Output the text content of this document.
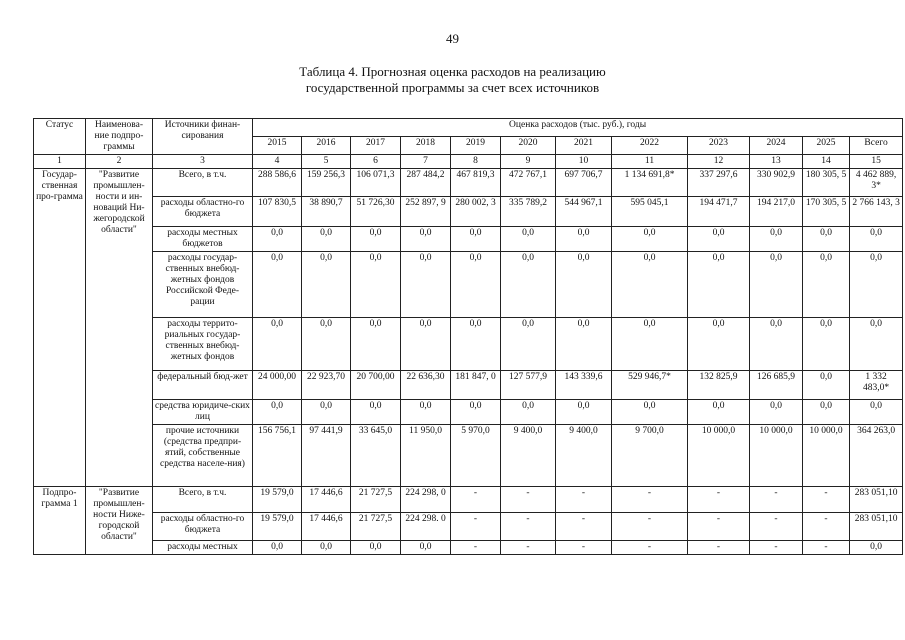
49
Таблица 4. Прогнозная оценка расходов на реализацию
государственной программы за счет всех источников
Статус	Наименова-ние подпро-граммы	Источники финан-сирования	Оценка расходов (тыс. руб.), годы											
			2015	2016	2017	2018	2019	2020	2021	2022	2023	2024	2025	Всего
1	2	3	4	5	6	7	8	9	10	11	12	13	14	15
Государ-ственная про-грамма	"Развитие промышлен-ности и ин-новаций Ни-жегородской области"	Всего, в т.ч.	288 586,6	159 256,3	106 071,3	287 484,2	467 819,3	472 767,1	697 706,7	1 134 691,8*	337 297,6	330 902,9	180 305, 5	4 462 889, 3*
		расходы областно-го бюджета	107 830,5	38 890,7	51 726,30	252 897, 9	280 002, 3	335 789,2	544 967,1	595 045,1	194 471,7	194 217,0	170 305, 5	2 766 143, 3
		расходы местных бюджетов	0,0	0,0	0,0	0,0	0,0	0,0	0,0	0,0	0,0	0,0	0,0	0,0
		расходы государ-ственных внебюд-жетных фондов Российской Феде-рации	0,0	0,0	0,0	0,0	0,0	0,0	0,0	0,0	0,0	0,0	0,0	0,0
		расходы террито-риальных государ-ственных внебюд-жетных фондов	0,0	0,0	0,0	0,0	0,0	0,0	0,0	0,0	0,0	0,0	0,0	0,0
		федеральный бюд-жет	24 000,00	22 923,70	20 700,00	22 636,30	181 847, 0	127 577,9	143 339,6	529 946,7*	132 825,9	126 685,9	0,0	1 332 483,0*
		средства юридиче-ских лиц	0,0	0,0	0,0	0,0	0,0	0,0	0,0	0,0	0,0	0,0	0,0	0,0
		прочие источники (средства предпри-ятий, собственные средства населе-ния)	156 756,1	97 441,9	33 645,0	11 950,0	5 970,0	9 400,0	9 400,0	9 700,0	10 000,0	10 000,0	10 000,0	364 263,0
Подпро-грамма 1	"Развитие промышлен-ности Ниже-городской области"	Всего, в т.ч.	19 579,0	17 446,6	21 727,5	224 298, 0	-	-	-	-	-	-	-	283 051,10
		расходы областно-го бюджета	19 579,0	17 446,6	21 727,5	224 298. 0	-	-	-	-	-	-	-	283 051,10
		расходы местных	0,0	0,0	0,0	0,0	-	-	-	-	-	-	-	0,0
